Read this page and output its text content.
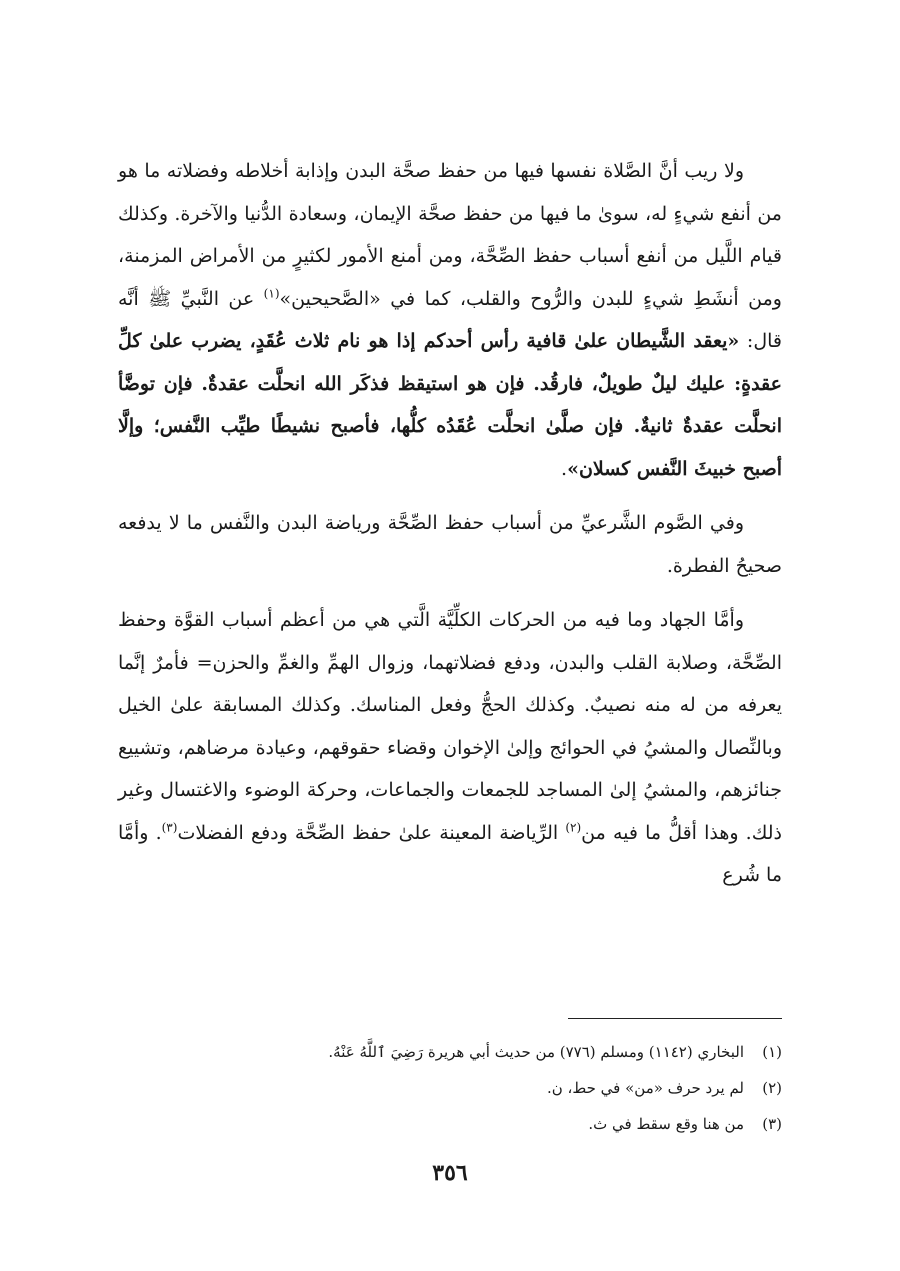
ولا ريب أنَّ الصَّلاة نفسها فيها من حفظ صحَّة البدن وإذابة أخلاطه وفضلاته ما هو من أنفع شيءٍ له، سوىٰ ما فيها من حفظ صحَّة الإيمان، وسعادة الدُّنيا والآخرة. وكذلك قيام اللَّيل من أنفع أسباب حفظ الصِّحَّة، ومن أمنع الأمور لكثيرٍ من الأمراض المزمنة، ومن أنشَطِ شيءٍ للبدن والرُّوح والقلب، كما في «الصَّحيحين»$^{(١)}$ عن النَّبيِّ ﷺ أنَّه قال: «يعقد الشَّيطان علىٰ قافية رأس أحدكم إذا هو نام ثلاث عُقَدٍ، يضرب علىٰ كلِّ عقدةٍ: عليك ليلٌ طويلٌ، فارقُد. فإن هو استيقظ فذكَر الله انحلَّت عقدةٌ. فإن توضَّأ انحلَّت عقدةٌ ثانيةٌ. فإن صلَّىٰ انحلَّت عُقَدُه كلُّها، فأصبح نشيطًا طيِّب النَّفس؛ وإلَّا أصبح خبيثَ النَّفس كسلان».

وفي الصَّوم الشَّرعيِّ من أسباب حفظ الصِّحَّة ورياضة البدن والنَّفس ما لا يدفعه صحيحُ الفطرة.

وأمَّا الجهاد وما فيه من الحركات الكلِّيَّة الَّتي هي من أعظم أسباب القوَّة وحفظ الصِّحَّة، وصلابة القلب والبدن، ودفع فضلاتهما، وزوال الهمِّ والغمِّ والحزن= فأمرٌ إنَّما يعرفه من له منه نصيبٌ. وكذلك الحجُّ وفعل المناسك. وكذلك المسابقة علىٰ الخيل وبالنِّصال والمشيُ في الحوائج وإلىٰ الإخوان وقضاء حقوقهم، وعيادة مرضاهم، وتشييع جنائزهم، والمشيُ إلىٰ المساجد للجمعات والجماعات، وحركة الوضوء والاغتسال وغير ذلك. وهذا أقلُّ ما فيه من$^{(٢)}$ الرِّياضة المعينة علىٰ حفظ الصِّحَّة ودفع الفضلات$^{(٣)}$. وأمَّا ما شُرع

(١)
البخاري (١١٤٢) ومسلم (٧٧٦) من حديث أبي هريرة رَضِيَ ٱللَّهُ عَنْهُ.

(٢)
لم يرد حرف «من» في حط، ن.

(٣)
من هنا وقع سقط في ث.

٣٥٦
